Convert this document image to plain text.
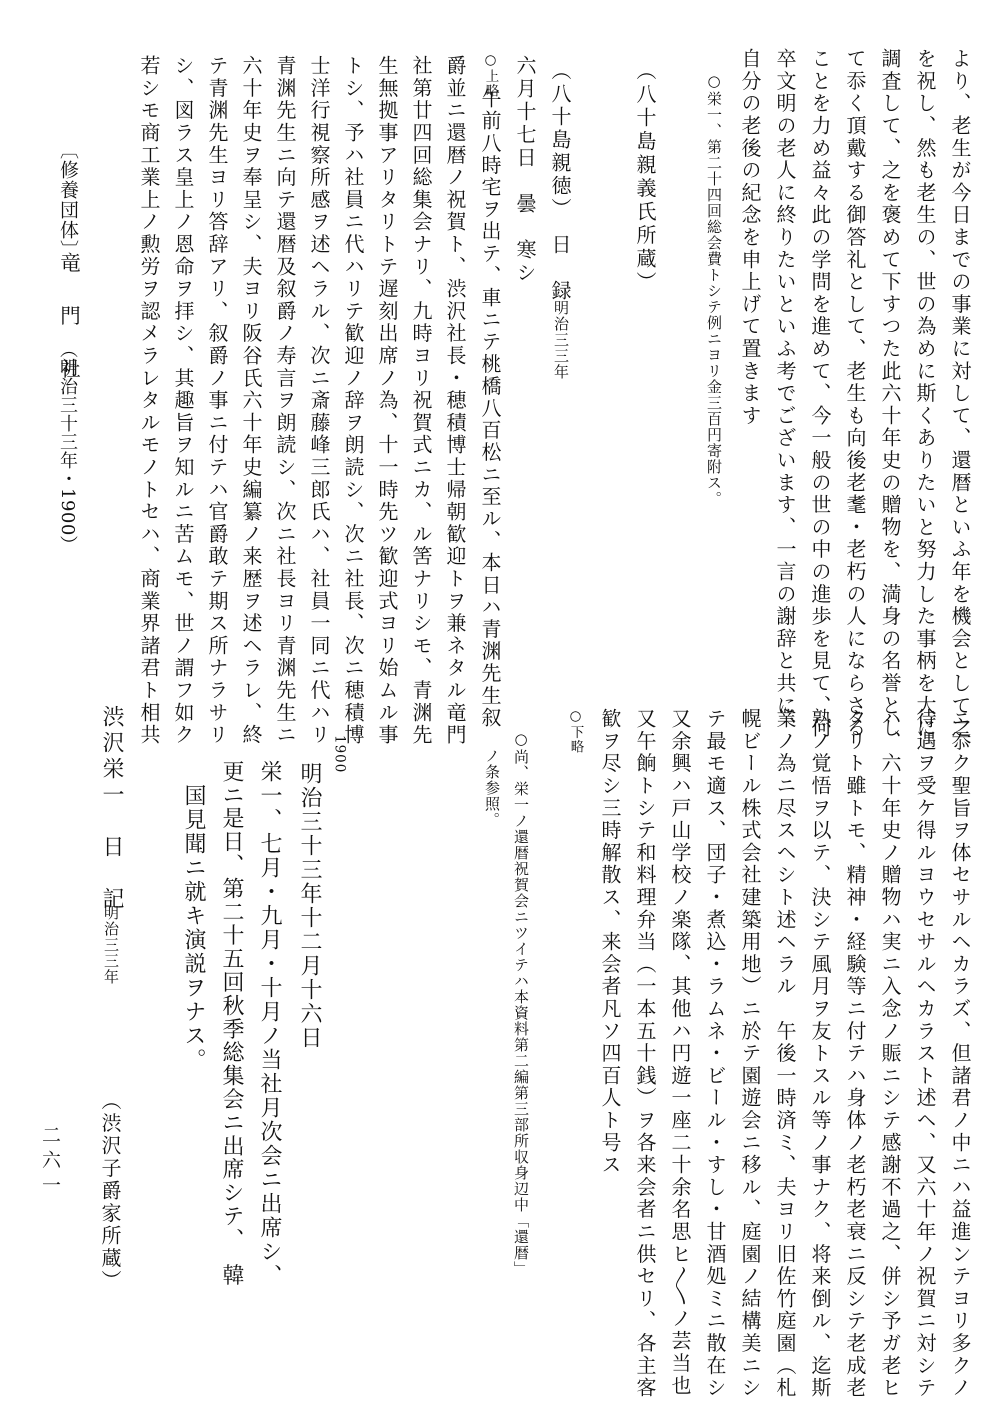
より、老生が今日までの事業に対して、還暦といふ年を機会として之
を祝し、然も老生の、世の為めに斯くありたいと努力した事柄を大に
調査して、之を褒めて下すつた此六十年史の贈物を、満身の名誉とし
て忝く頂戴する御答礼として、老生も向後老耄・老朽の人にならさる
ことを力め益々此の学問を進めて、今一般の世の中の進歩を見て、何
卒文明の老人に終りたいといふ考でございます、一言の謝辞と共に、
自分の老後の紀念を申上げて置きます
○栄一、第二十四回総会費トシテ例ニヨリ金三百円寄附ス。
（八十島親義氏所蔵）
（八十島親徳）　日　録
明治三三年
六月十七日　曇　寒シ
○上略
午前八時宅ヲ出テ、車ニテ桃橋八百松ニ至ル、本日ハ青渊先生叙
爵並ニ還暦ノ祝賀ト、渋沢社長・穂積博士帰朝歓迎トヲ兼ネタル竜門
社第廿四回総集会ナリ、九時ヨリ祝賀式ニカ、ル筈ナリシモ、青渊先
生無拠事アリタリトテ遅刻出席ノ為、十一時先ツ歓迎式ヨリ始ムル事
トシ、予ハ社員ニ代ハリテ歓迎ノ辞ヲ朗読シ、次ニ社長、次ニ穂積博
士洋行視察所感ヲ述ヘラル、次ニ斎藤峰三郎氏ハ、社員一同ニ代ハリ
青渊先生ニ向テ還暦及叙爵ノ寿言ヲ朗読シ、次ニ社長ヨリ青渊先生ニ
六十年史ヲ奉呈シ、夫ヨリ阪谷氏六十年史編纂ノ来歴ヲ述ヘラレ、終
テ青渊先生ヨリ答辞アリ、叙爵ノ事ニ付テハ官爵敢テ期ス所ナラサリ
シ、図ラス皇上ノ恩命ヲ拝シ、其趣旨ヲ知ルニ苦ムモ、世ノ謂フ如ク
若シモ商工業上ノ勲労ヲ認メラレタルモノトセハ、商業界諸君ト相共
〔修養団体〕
竜　門　社
（明治三十三年・1900）
ニ忝ク聖旨ヲ体セサルヘカラズ、但諸君ノ中ニハ益進ンテヨリ多クノ
待遇ヲ受ケ得ルヨウセサルヘカラスト述ヘ、又六十年ノ祝賀ニ対シテ
ハ、六十年史ノ贈物ハ実ニ入念ノ賑ニシテ感謝不過之、併シ予ガ老ヒ
タリト雖トモ、精神・経験等ニ付テハ身体ノ老朽老衰ニ反シテ老成老
熟ノ覚悟ヲ以テ、決シテ風月ヲ友トスル等ノ事ナク、将来倒ル、迄斯
業ノ為ニ尽スヘシト述ヘラル　午後一時済ミ、夫ヨリ旧佐竹庭園（札
幌ビール株式会社建築用地）ニ於テ園遊会ニ移ル、庭園ノ結構美ニシ
テ最モ適ス、団子・煮込・ラムネ・ビール・すし・甘酒処ミニ散在シ
又余興ハ戸山学校ノ楽隊、其他ハ円遊一座二十余名思ヒ〳〵ノ芸当也
又午餉トシテ和料理弁当（一本五十銭）ヲ各来会者ニ供セリ、各主客
歓ヲ尽シ三時解散ス、来会者凡ソ四百人ト号ス
○下略
○尚、栄一ノ還暦祝賀会ニツイテハ本資料第二編第三部所収身辺中「還暦」
ノ条参照。
1900
明治三十三年十二月十六日
栄一、七月・九月・十月ノ当社月次会ニ出席シ、
更ニ是日、第二十五回秋季総集会ニ出席シテ、　韓
国見聞ニ就キ演説ヲナス。
渋沢栄一　日　記
明治三三年
（渋沢子爵家所蔵）
二六一
